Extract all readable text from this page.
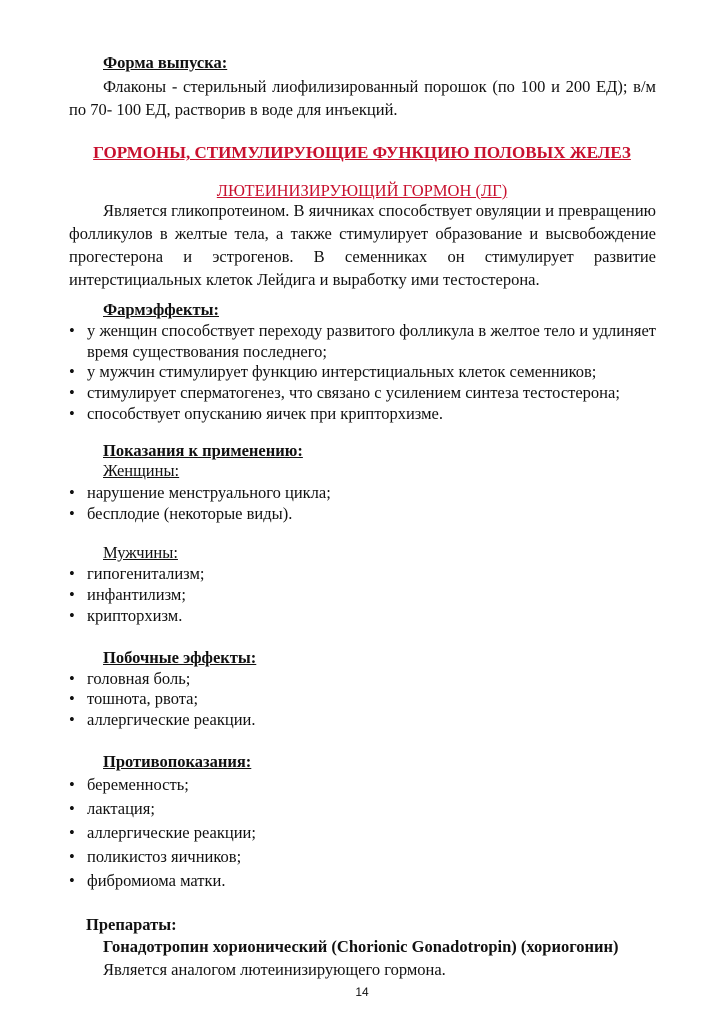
Форма выпуска:
Флаконы - стерильный лиофилизированный порошок (по 100 и 200 ЕД); в/м по 70- 100 ЕД, растворив в воде для инъекций.
ГОРМОНЫ, СТИМУЛИРУЮЩИЕ ФУНКЦИЮ ПОЛОВЫХ ЖЕЛЕЗ
ЛЮТЕИНИЗИРУЮЩИЙ ГОРМОН (ЛГ)
Является гликопротеином. В яичниках способствует овуляции и превращению фолликулов в желтые тела, а также стимулирует образование и высвобождение прогестерона и эстрогенов. В семенниках он стимулирует развитие интерстициальных клеток Лейдига и выработку ими тестостерона.
Фармэффекты:
• у женщин способствует переходу развитого фолликула в желтое тело и удлиняет время существования последнего;
• у мужчин стимулирует функцию интерстициальных клеток семенников;
• стимулирует сперматогенез, что связано с усилением синтеза тестостерона;
• способствует опусканию яичек при крипторхизме.
Показания к применению:
Женщины:
• нарушение менструального цикла;
• бесплодие (некоторые виды).
Мужчины:
• гипогенитализм;
• инфантилизм;
• крипторхизм.
Побочные эффекты:
• головная боль;
• тошнота, рвота;
• аллергические реакции.
Противопоказания:
• беременность;
• лактация;
• аллергические реакции;
• поликистоз яичников;
• фибромиома матки.
Препараты:
Гонадотропин хорионический (Chorionic Gonadotropin) (хориогонин)
Является аналогом лютеинизирующего гормона.
14
